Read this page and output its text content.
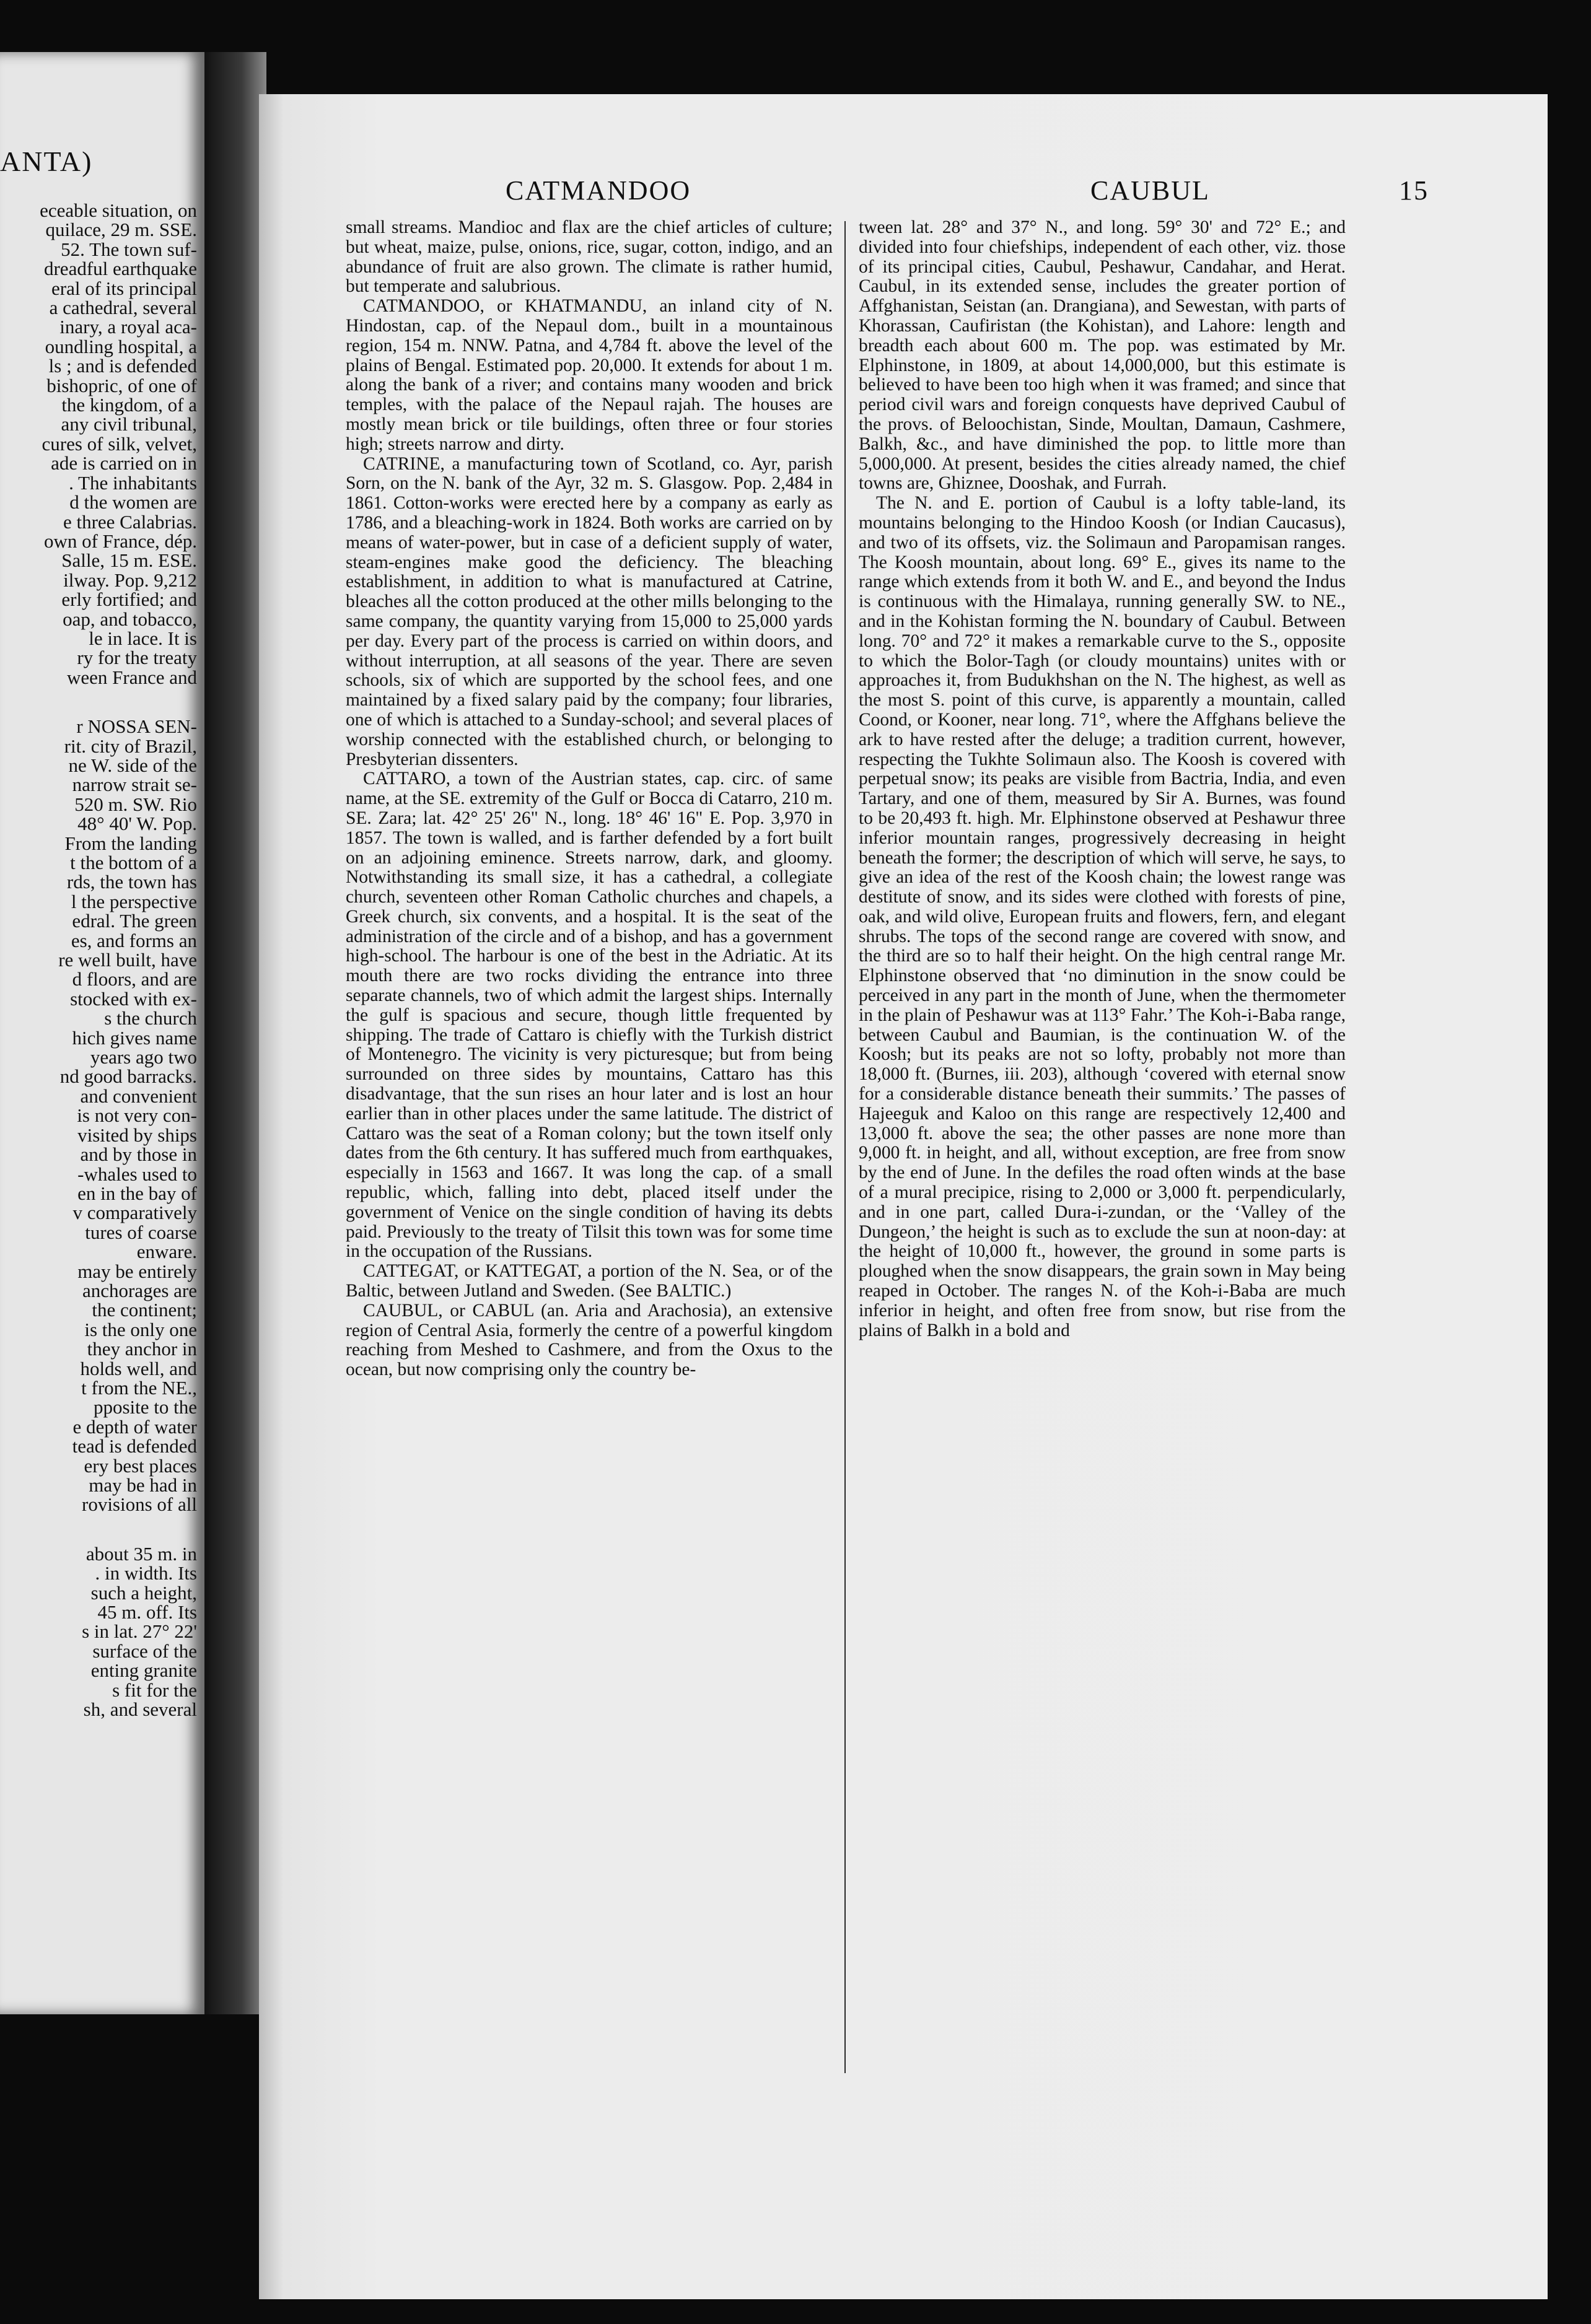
ANTA)
eceable situation, on
quilace, 29 m. SSE.
52. The town suf-
dreadful earthquake
eral of its principal
a cathedral, several
inary, a royal aca-
oundling hospital, a
ls ; and is defended
bishopric, of one of
the kingdom, of a
any civil tribunal,
cures of silk, velvet,
ade is carried on in
. The inhabitants
d the women are
e three Calabrias.
own of France, dép.
Salle, 15 m. ESE.
ilway. Pop. 9,212
erly fortified; and
oap, and tobacco,
le in lace. It is
ry for the treaty
ween France and
r NOSSA SEN-
rit. city of Brazil,
ne W. side of the
narrow strait se-
520 m. SW. Rio
48° 40' W. Pop.
From the landing
t the bottom of a
rds, the town has
l the perspective
edral. The green
es, and forms an
re well built, have
d floors, and are
stocked with ex-
s the church
hich gives name
years ago two
nd good barracks.
and convenient
is not very con-
visited by ships
and by those in
-whales used to
en in the bay of
v comparatively
tures of coarse
enware.
may be entirely
anchorages are
the continent;
is the only one
they anchor in
holds well, and
t from the NE.,
pposite to the
e depth of water
tead is defended
ery best places
may be had in
rovisions of all
about 35 m. in
. in width. Its
such a height,
45 m. off. Its
s in lat. 27° 22'
surface of the
enting granite
s fit for the
sh, and several
CATMANDOO	CAUBUL	15

small streams. Mandioc and flax are the chief articles of culture; but wheat, maize, pulse, onions, rice, sugar, cotton, indigo, and an abundance of fruit are also grown. The climate is rather humid, but temperate and salubrious.

CATMANDOO, or KHATMANDU, an inland city of N. Hindostan, cap. of the Nepaul dom., built in a mountainous region, 154 m. NNW. Patna, and 4,784 ft. above the level of the plains of Bengal. Estimated pop. 20,000. It extends for about 1 m. along the bank of a river; and contains many wooden and brick temples, with the palace of the Nepaul rajah. The houses are mostly mean brick or tile buildings, often three or four stories high; streets narrow and dirty.

CATRINE, a manufacturing town of Scotland, co. Ayr, parish Sorn, on the N. bank of the Ayr, 32 m. S. Glasgow. Pop. 2,484 in 1861. Cotton-works were erected here by a company as early as 1786, and a bleaching-work in 1824. Both works are carried on by means of water-power, but in case of a deficient supply of water, steam-engines make good the deficiency. The bleaching establishment, in addition to what is manufactured at Catrine, bleaches all the cotton produced at the other mills belonging to the same company, the quantity varying from 15,000 to 25,000 yards per day. Every part of the process is carried on within doors, and without interruption, at all seasons of the year. There are seven schools, six of which are supported by the school fees, and one maintained by a fixed salary paid by the company; four libraries, one of which is attached to a Sunday-school; and several places of worship connected with the established church, or belonging to Presbyterian dissenters.

CATTARO, a town of the Austrian states, cap. circ. of same name, at the SE. extremity of the Gulf or Bocca di Catarro, 210 m. SE. Zara; lat. 42° 25' 26" N., long. 18° 46' 16" E. Pop. 3,970 in 1857. The town is walled, and is farther defended by a fort built on an adjoining eminence. Streets narrow, dark, and gloomy. Notwithstanding its small size, it has a cathedral, a collegiate church, seventeen other Roman Catholic churches and chapels, a Greek church, six convents, and a hospital. It is the seat of the administration of the circle and of a bishop, and has a government high-school. The harbour is one of the best in the Adriatic. At its mouth there are two rocks dividing the entrance into three separate channels, two of which admit the largest ships. Internally the gulf is spacious and secure, though little frequented by shipping. The trade of Cattaro is chiefly with the Turkish district of Montenegro. The vicinity is very picturesque; but from being surrounded on three sides by mountains, Cattaro has this disadvantage, that the sun rises an hour later and is lost an hour earlier than in other places under the same latitude. The district of Cattaro was the seat of a Roman colony; but the town itself only dates from the 6th century. It has suffered much from earthquakes, especially in 1563 and 1667. It was long the cap. of a small republic, which, falling into debt, placed itself under the government of Venice on the single condition of having its debts paid. Previously to the treaty of Tilsit this town was for some time in the occupation of the Russians.

CATTEGAT, or KATTEGAT, a portion of the N. Sea, or of the Baltic, between Jutland and Sweden. (See BALTIC.)

CAUBUL, or CABUL (an. Aria and Arachosia), an extensive region of Central Asia, formerly the centre of a powerful kingdom reaching from Meshed to Cashmere, and from the Oxus to the ocean, but now comprising only the country be-

tween lat. 28° and 37° N., and long. 59° 30' and 72° E.; and divided into four chiefships, independent of each other, viz. those of its principal cities, Caubul, Peshawur, Candahar, and Herat. Caubul, in its extended sense, includes the greater portion of Affghanistan, Seistan (an. Drangiana), and Sewestan, with parts of Khorassan, Caufiristan (the Kohistan), and Lahore: length and breadth each about 600 m. The pop. was estimated by Mr. Elphinstone, in 1809, at about 14,000,000, but this estimate is believed to have been too high when it was framed; and since that period civil wars and foreign conquests have deprived Caubul of the provs. of Beloochistan, Sinde, Moultan, Damaun, Cashmere, Balkh, &c., and have diminished the pop. to little more than 5,000,000. At present, besides the cities already named, the chief towns are, Ghiznee, Dooshak, and Furrah.

The N. and E. portion of Caubul is a lofty table-land, its mountains belonging to the Hindoo Koosh (or Indian Caucasus), and two of its offsets, viz. the Solimaun and Paropamisan ranges. The Koosh mountain, about long. 69° E., gives its name to the range which extends from it both W. and E., and beyond the Indus is continuous with the Himalaya, running generally SW. to NE., and in the Kohistan forming the N. boundary of Caubul. Between long. 70° and 72° it makes a remarkable curve to the S., opposite to which the Bolor-Tagh (or cloudy mountains) unites with or approaches it, from Budukhshan on the N. The highest, as well as the most S. point of this curve, is apparently a mountain, called Coond, or Kooner, near long. 71°, where the Affghans believe the ark to have rested after the deluge; a tradition current, however, respecting the Tukhte Solimaun also. The Koosh is covered with perpetual snow; its peaks are visible from Bactria, India, and even Tartary, and one of them, measured by Sir A. Burnes, was found to be 20,493 ft. high. Mr. Elphinstone observed at Peshawur three inferior mountain ranges, progressively decreasing in height beneath the former; the description of which will serve, he says, to give an idea of the rest of the Koosh chain; the lowest range was destitute of snow, and its sides were clothed with forests of pine, oak, and wild olive, European fruits and flowers, fern, and elegant shrubs. The tops of the second range are covered with snow, and the third are so to half their height. On the high central range Mr. Elphinstone observed that ‘no diminution in the snow could be perceived in any part in the month of June, when the thermometer in the plain of Peshawur was at 113° Fahr.’ The Koh-i-Baba range, between Caubul and Baumian, is the continuation W. of the Koosh; but its peaks are not so lofty, probably not more than 18,000 ft. (Burnes, iii. 203), although ‘covered with eternal snow for a considerable distance beneath their summits.’ The passes of Hajeeguk and Kaloo on this range are respectively 12,400 and 13,000 ft. above the sea; the other passes are none more than 9,000 ft. in height, and all, without exception, are free from snow by the end of June. In the defiles the road often winds at the base of a mural precipice, rising to 2,000 or 3,000 ft. perpendicularly, and in one part, called Dura-i-zundan, or the ‘Valley of the Dungeon,’ the height is such as to exclude the sun at noon-day: at the height of 10,000 ft., however, the ground in some parts is ploughed when the snow disappears, the grain sown in May being reaped in October. The ranges N. of the Koh-i-Baba are much inferior in height, and often free from snow, but rise from the plains of Balkh in a bold and
